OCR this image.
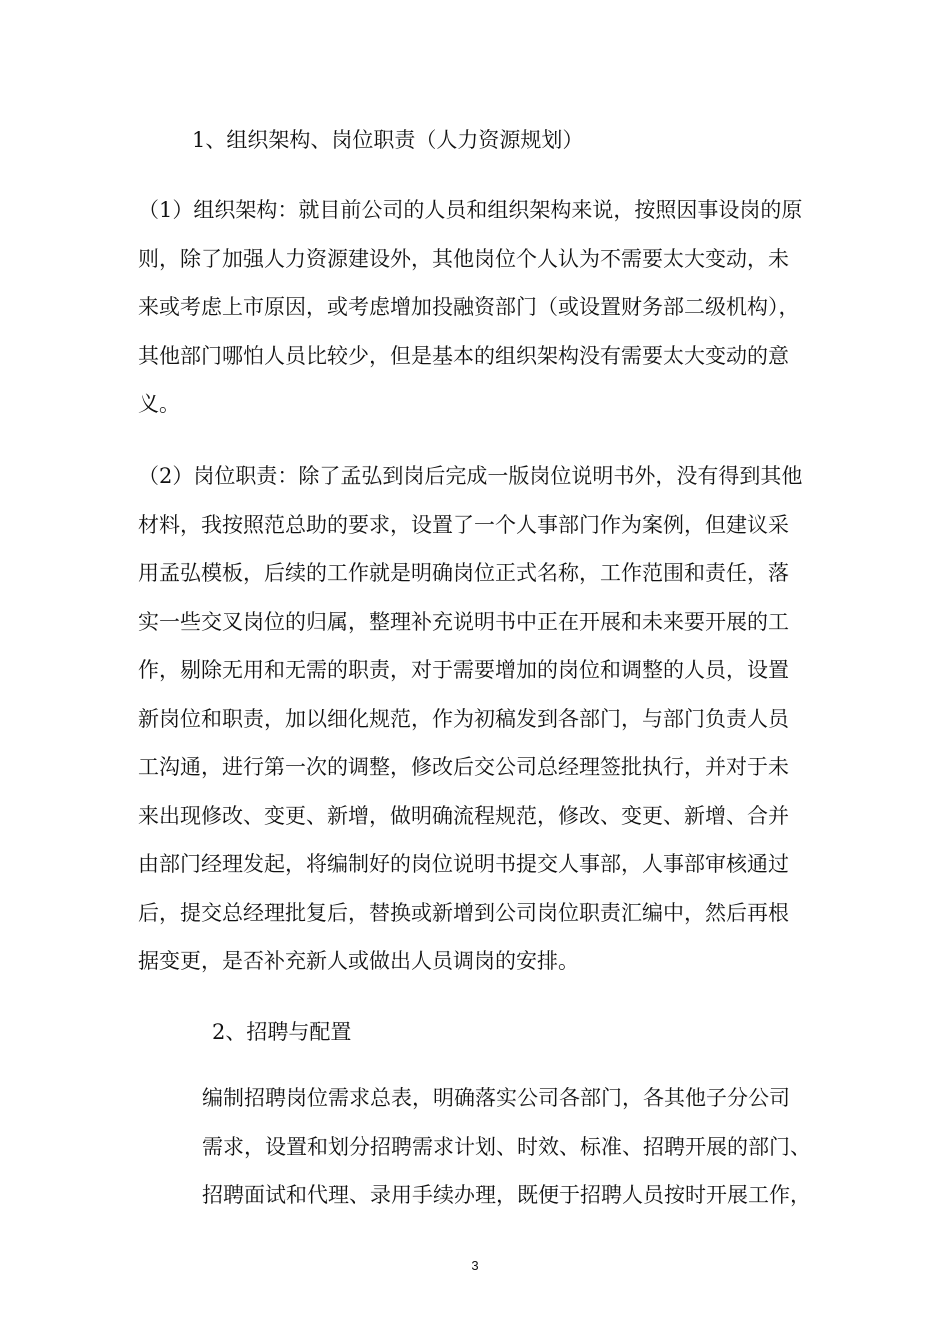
1、组织架构、岗位职责（人力资源规划）
（1）组织架构：就目前公司的人员和组织架构来说，按照因事设岗的原
则，除了加强人力资源建设外，其他岗位个人认为不需要太大变动，未
来或考虑上市原因，或考虑增加投融资部门（或设置财务部二级机构），
其他部门哪怕人员比较少，但是基本的组织架构没有需要太大变动的意
义。
（2）岗位职责：除了孟弘到岗后完成一版岗位说明书外，没有得到其他
材料，我按照范总助的要求，设置了一个人事部门作为案例，但建议采
用孟弘模板，后续的工作就是明确岗位正式名称，工作范围和责任，落
实一些交叉岗位的归属，整理补充说明书中正在开展和未来要开展的工
作，剔除无用和无需的职责，对于需要增加的岗位和调整的人员，设置
新岗位和职责，加以细化规范，作为初稿发到各部门，与部门负责人员
工沟通，进行第一次的调整，修改后交公司总经理签批执行，并对于未
来出现修改、变更、新增，做明确流程规范，修改、变更、新增、合并
由部门经理发起，将编制好的岗位说明书提交人事部，人事部审核通过
后，提交总经理批复后，替换或新增到公司岗位职责汇编中，然后再根
据变更，是否补充新人或做出人员调岗的安排。
2、招聘与配置
编制招聘岗位需求总表，明确落实公司各部门，各其他子分公司
需求，设置和划分招聘需求计划、时效、标准、招聘开展的部门、
招聘面试和代理、录用手续办理，既便于招聘人员按时开展工作，
3
